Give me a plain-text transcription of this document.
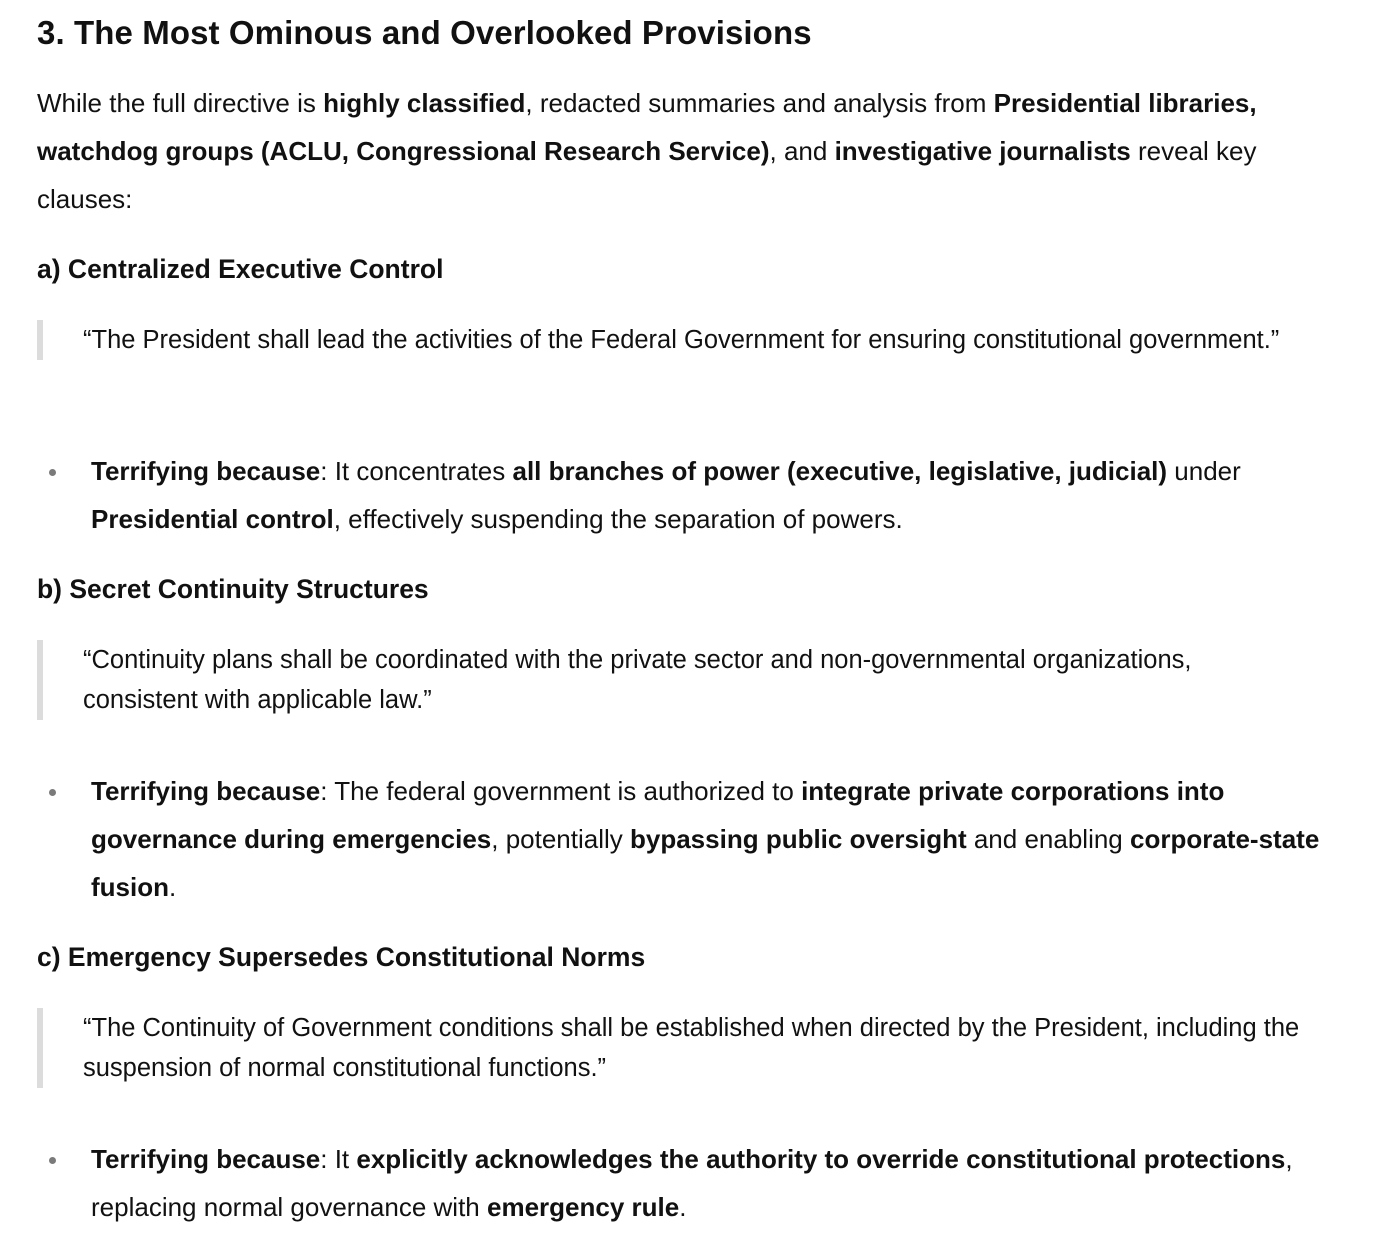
3. The Most Ominous and Overlooked Provisions

While the full directive is highly classified, redacted summaries and analysis from Presidential libraries, watchdog groups (ACLU, Congressional Research Service), and investigative journalists reveal key clauses:

a) Centralized Executive Control
“The President shall lead the activities of the Federal Government for ensuring constitutional government.”
Terrifying because: It concentrates all branches of power (executive, legislative, judicial) under Presidential control, effectively suspending the separation of powers.
b) Secret Continuity Structures
“Continuity plans shall be coordinated with the private sector and non-governmental organizations, consistent with applicable law.”
Terrifying because: The federal government is authorized to integrate private corporations into governance during emergencies, potentially bypassing public oversight and enabling corporate-state fusion.
c) Emergency Supersedes Constitutional Norms
“The Continuity of Government conditions shall be established when directed by the President, including the suspension of normal constitutional functions.”
Terrifying because: It explicitly acknowledges the authority to override constitutional protections, replacing normal governance with emergency rule.
